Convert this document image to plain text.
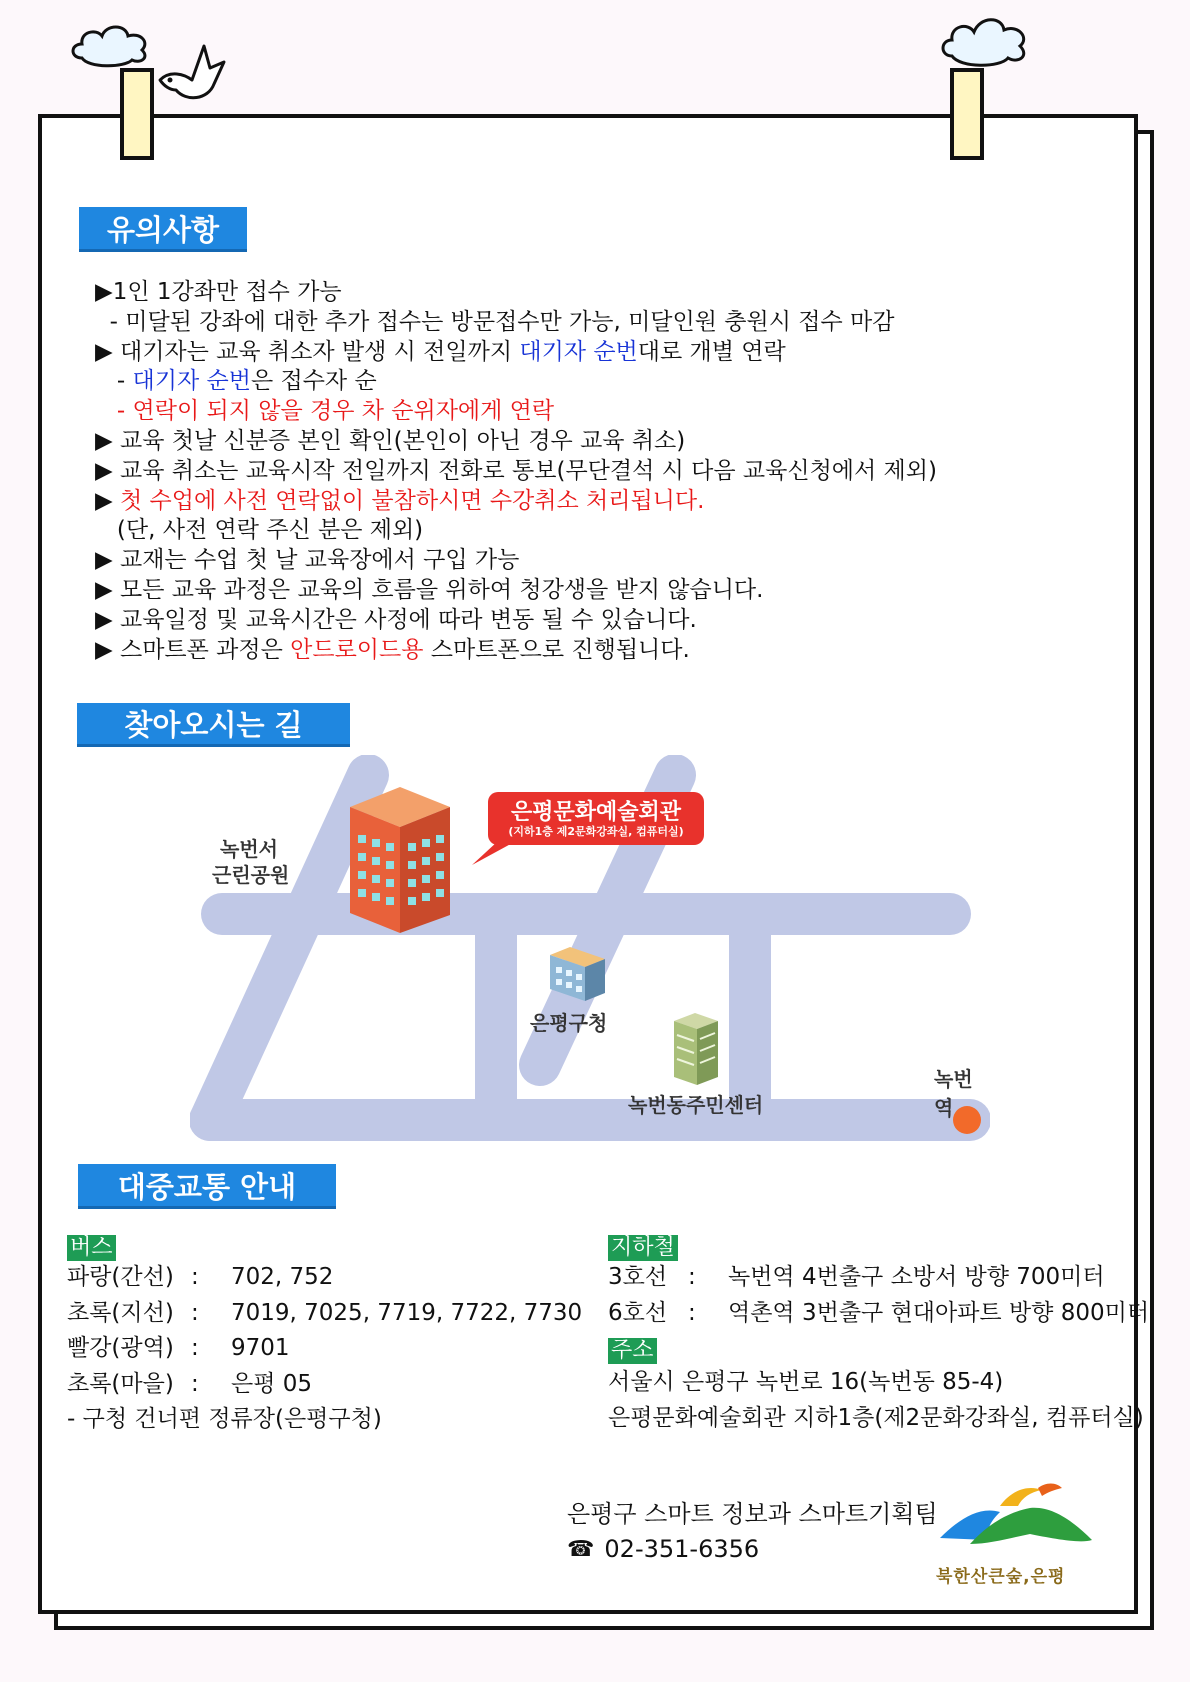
유의사항
▶1인 1강좌만 접수 가능
- 미달된 강좌에 대한 추가 접수는 방문접수만 가능, 미달인원 충원시 접수 마감
▶ 대기자는 교육 취소자 발생 시 전일까지 대기자 순번대로 개별 연락
- 대기자 순번은 접수자 순
- 연락이 되지 않을 경우 차 순위자에게 연락
▶ 교육 첫날 신분증 본인 확인(본인이 아닌 경우 교육 취소)
▶ 교육 취소는 교육시작 전일까지 전화로 통보(무단결석 시 다음 교육신청에서 제외)
▶ 첫 수업에 사전 연락없이 불참하시면 수강취소 처리됩니다.
(단, 사전 연락 주신 분은 제외)
▶ 교재는 수업 첫 날 교육장에서 구입 가능
▶ 모든 교육 과정은 교육의 흐름을 위하여 청강생을 받지 않습니다.
▶ 교육일정 및 교육시간은 사정에 따라 변동 될 수 있습니다.
▶ 스마트폰 과정은 안드로이드용 스마트폰으로 진행됩니다.
찾아오시는 길
은평문화예술회관
(지하1층 제2문화강좌실, 컴퓨터실)
녹번서
근린공원
은평구청
녹번동주민센터
녹번역
대중교통 안내
버스
파랑(간선) :	702, 752
초록(지선) :	7019, 7025, 7719, 7722, 7730
빨강(광역) :	9701
초록(마을) :	은평 05
- 구청 건너편 정류장(은평구청)
지하철
3호선 :	녹번역 4번출구 소방서 방향 700미터
6호선 :	역촌역 3번출구 현대아파트 방향 800미터
주소
서울시 은평구 녹번로 16(녹번동 85-4)
은평문화예술회관 지하1층(제2문화강좌실, 컴퓨터실)
은평구 스마트 정보과 스마트기획팀
☎ 02-351-6356
북한산큰숲,은평
